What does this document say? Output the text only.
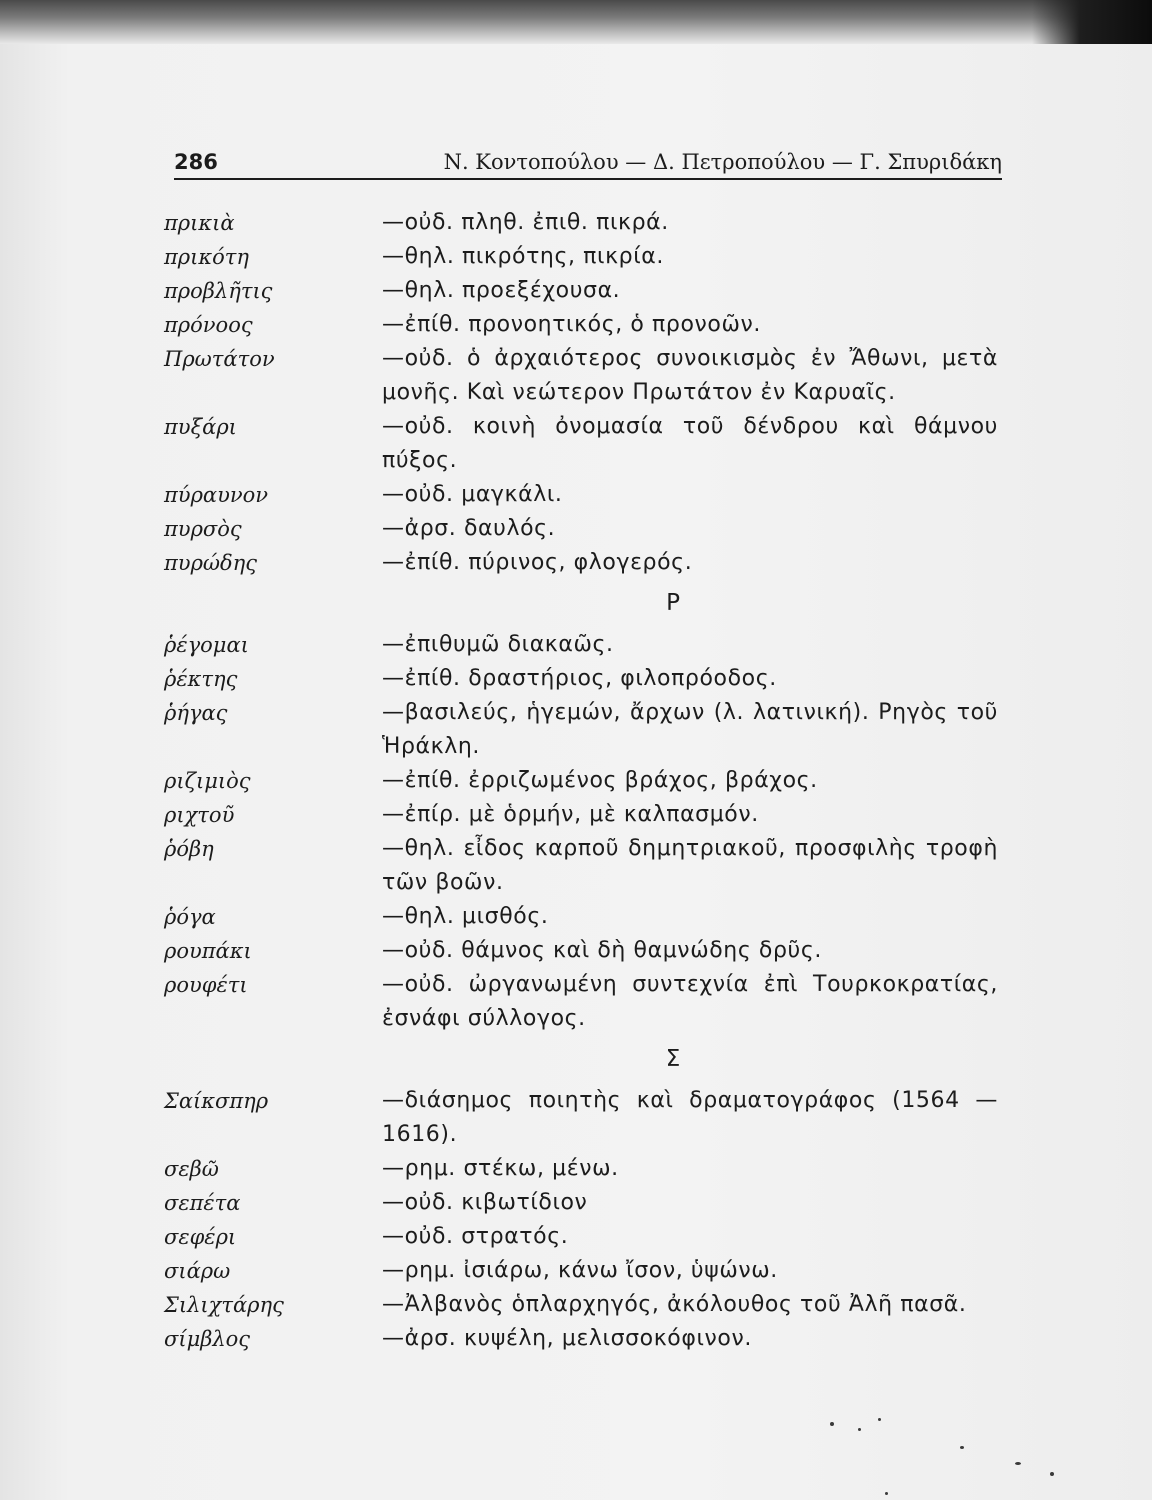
286	Ν. Κοντοπούλου — Δ. Πετροπούλου — Γ. Σπυριδάκη
πρικιὰ	—οὐδ. πληθ. ἐπιθ. πικρά.
πρικότη	—θηλ. πικρότης, πικρία.
προβλῆτις	—θηλ. προεξέχουσα.
πρόνοος	—ἐπίθ. προνοητικός, ὁ προνοῶν.
Πρωτάτον	—οὐδ. ὁ ἀρχαιότερος συνοικισμὸς ἐν Ἄθωνι, μετὰ μονῆς. Καὶ νεώτερον Πρωτάτον ἐν Καρυαῖς.
πυξάρι	—οὐδ. κοινὴ ὀνομασία τοῦ δένδρου καὶ θάμνου πύξος.
πύραυνον	—οὐδ. μαγκάλι.
πυρσὸς	—ἀρσ. δαυλός.
πυρώδης	—ἐπίθ. πύρινος, φλογερός.
Ρ
ῥέγομαι	—ἐπιθυμῶ διακαῶς.
ῥέκτης	—ἐπίθ. δραστήριος, φιλοπρόοδος.
ῥήγας	—βασιλεύς, ἡγεμών, ἄρχων (λ. λατινική). Ρηγὸς τοῦ Ἡράκλη.
ριζιμιὸς	—ἐπίθ. ἐρριζωμένος βράχος, βράχος.
ριχτοῦ	—ἐπίρ. μὲ ὁρμήν, μὲ καλπασμόν.
ῥόβη	—θηλ. εἶδος καρποῦ δημητριακοῦ, προσφιλὴς τροφὴ τῶν βοῶν.
ῥόγα	—θηλ. μισθός.
ρουπάκι	—οὐδ. θάμνος καὶ δὴ θαμνώδης δρῦς.
ρουφέτι	—οὐδ. ὠργανωμένη συντεχνία ἐπὶ Τουρκοκρατίας, ἐσνάφι σύλλογος.
Σ
Σαίκσπηρ	—διάσημος ποιητὴς καὶ δραματογράφος (1564 —1616).
σεβῶ	—ρημ. στέκω, μένω.
σεπέτα	—οὐδ. κιβωτίδιον
σεφέρι	—οὐδ. στρατός.
σιάρω	—ρημ. ἰσιάρω, κάνω ἴσον, ὑψώνω.
Σιλιχτάρης	—Ἀλβανὸς ὁπλαρχηγός, ἀκόλουθος τοῦ Ἀλῆ πασᾶ.
σίμβλος	—ἀρσ. κυψέλη, μελισσοκόφινον.
